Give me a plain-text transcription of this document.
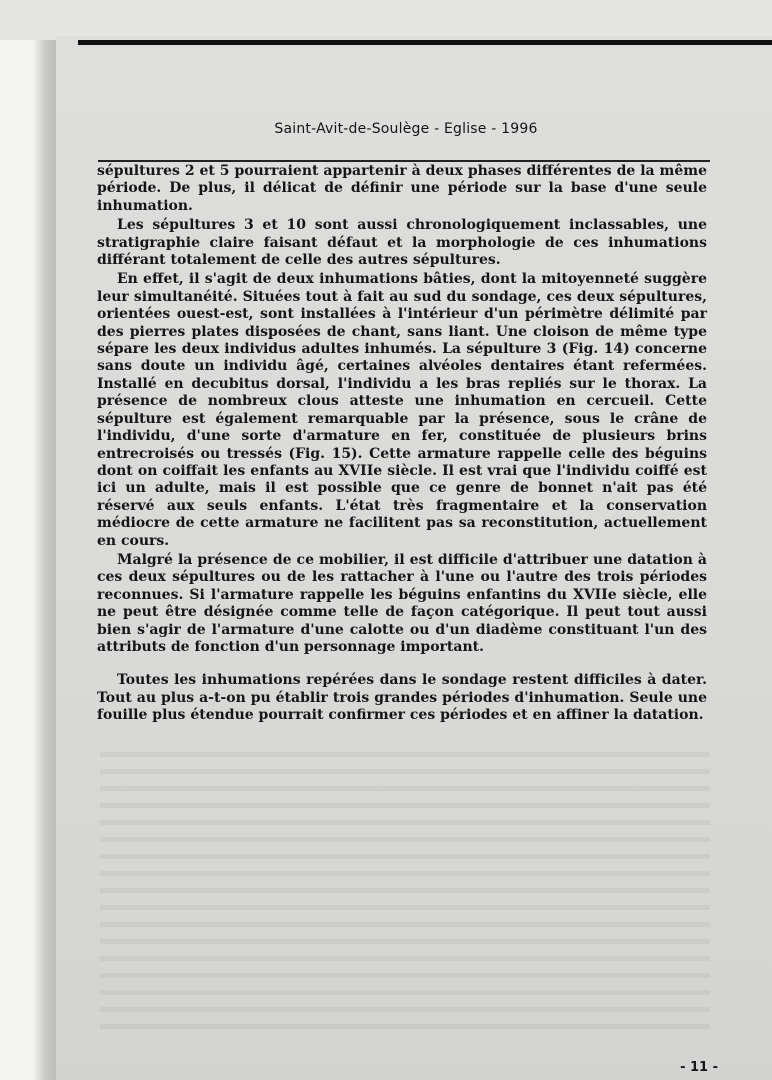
Saint-Avit-de-Soulège - Eglise - 1996

sépultures 2 et 5 pourraient appartenir à deux phases différentes de la même période. De plus, il délicat de définir une période sur la base d'une seule inhumation.

Les sépultures 3 et 10 sont aussi chronologiquement inclassables, une stratigraphie claire faisant défaut et la morphologie de ces inhumations différant totalement de celle des autres sépultures.

En effet, il s'agit de deux inhumations bâties, dont la mitoyenneté suggère leur simultanéité. Situées tout à fait au sud du sondage, ces deux sépultures, orientées ouest-est, sont installées à l'intérieur d'un périmètre délimité par des pierres plates disposées de chant, sans liant. Une cloison de même type sépare les deux individus adultes inhumés. La sépulture 3 (Fig. 14) concerne sans doute un individu âgé, certaines alvéoles dentaires étant refermées. Installé en decubitus dorsal, l'individu a les bras repliés sur le thorax. La présence de nombreux clous atteste une inhumation en cercueil. Cette sépulture est également remarquable par la présence, sous le crâne de l'individu, d'une sorte d'armature en fer, constituée de plusieurs brins entrecroisés ou tressés (Fig. 15). Cette armature rappelle celle des béguins dont on coiffait les enfants au XVIIe siècle. Il est vrai que l'individu coiffé est ici un adulte, mais il est possible que ce genre de bonnet n'ait pas été réservé aux seuls enfants. L'état très fragmentaire et la conservation médiocre de cette armature ne facilitent pas sa reconstitution, actuellement en cours.

Malgré la présence de ce mobilier, il est difficile d'attribuer une datation à ces deux sépultures ou de les rattacher à l'une ou l'autre des trois périodes reconnues. Si l'armature rappelle les béguins enfantins du XVIIe siècle, elle ne peut être désignée comme telle de façon catégorique. Il peut tout aussi bien s'agir de l'armature d'une calotte ou d'un diadème constituant l'un des attributs de fonction d'un personnage important.

Toutes les inhumations repérées dans le sondage restent difficiles à dater. Tout au plus a-t-on pu établir trois grandes périodes d'inhumation. Seule une fouille plus étendue pourrait confirmer ces périodes et en affiner la datation.

- 11 -
